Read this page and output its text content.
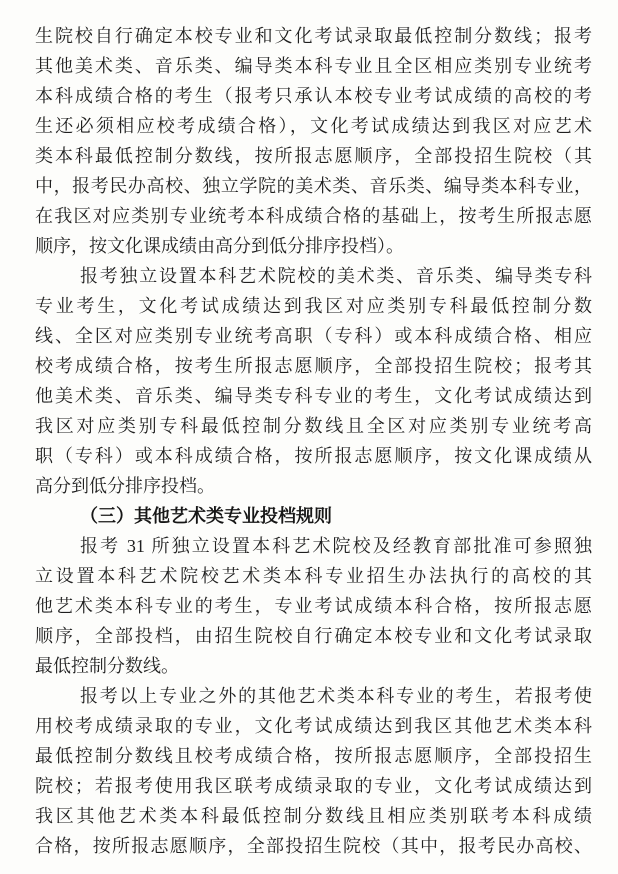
生院校自行确定本校专业和文化考试录取最低控制分数线；报考
其他美术类、音乐类、编导类本科专业且全区相应类别专业统考
本科成绩合格的考生（报考只承认本校专业考试成绩的高校的考
生还必须相应校考成绩合格），文化考试成绩达到我区对应艺术
类本科最低控制分数线，按所报志愿顺序，全部投招生院校（其
中，报考民办高校、独立学院的美术类、音乐类、编导类本科专业，
在我区对应类别专业统考本科成绩合格的基础上，按考生所报志愿
顺序，按文化课成绩由高分到低分排序投档）。
报考独立设置本科艺术院校的美术类、音乐类、编导类专科
专业考生，文化考试成绩达到我区对应类别专科最低控制分数
线、全区对应类别专业统考高职（专科）或本科成绩合格、相应
校考成绩合格，按考生所报志愿顺序，全部投招生院校；报考其
他美术类、音乐类、编导类专科专业的考生，文化考试成绩达到
我区对应类别专科最低控制分数线且全区对应类别专业统考高
职（专科）或本科成绩合格，按所报志愿顺序，按文化课成绩从
高分到低分排序投档。
（三）其他艺术类专业投档规则
报考 31 所独立设置本科艺术院校及经教育部批准可参照独
立设置本科艺术院校艺术类本科专业招生办法执行的高校的其
他艺术类本科专业的考生，专业考试成绩本科合格，按所报志愿
顺序，全部投档，由招生院校自行确定本校专业和文化考试录取
最低控制分数线。
报考以上专业之外的其他艺术类本科专业的考生，若报考使
用校考成绩录取的专业，文化考试成绩达到我区其他艺术类本科
最低控制分数线且校考成绩合格，按所报志愿顺序，全部投招生
院校；若报考使用我区联考成绩录取的专业，文化考试成绩达到
我区其他艺术类本科最低控制分数线且相应类别联考本科成绩
合格，按所报志愿顺序，全部投招生院校（其中，报考民办高校、
